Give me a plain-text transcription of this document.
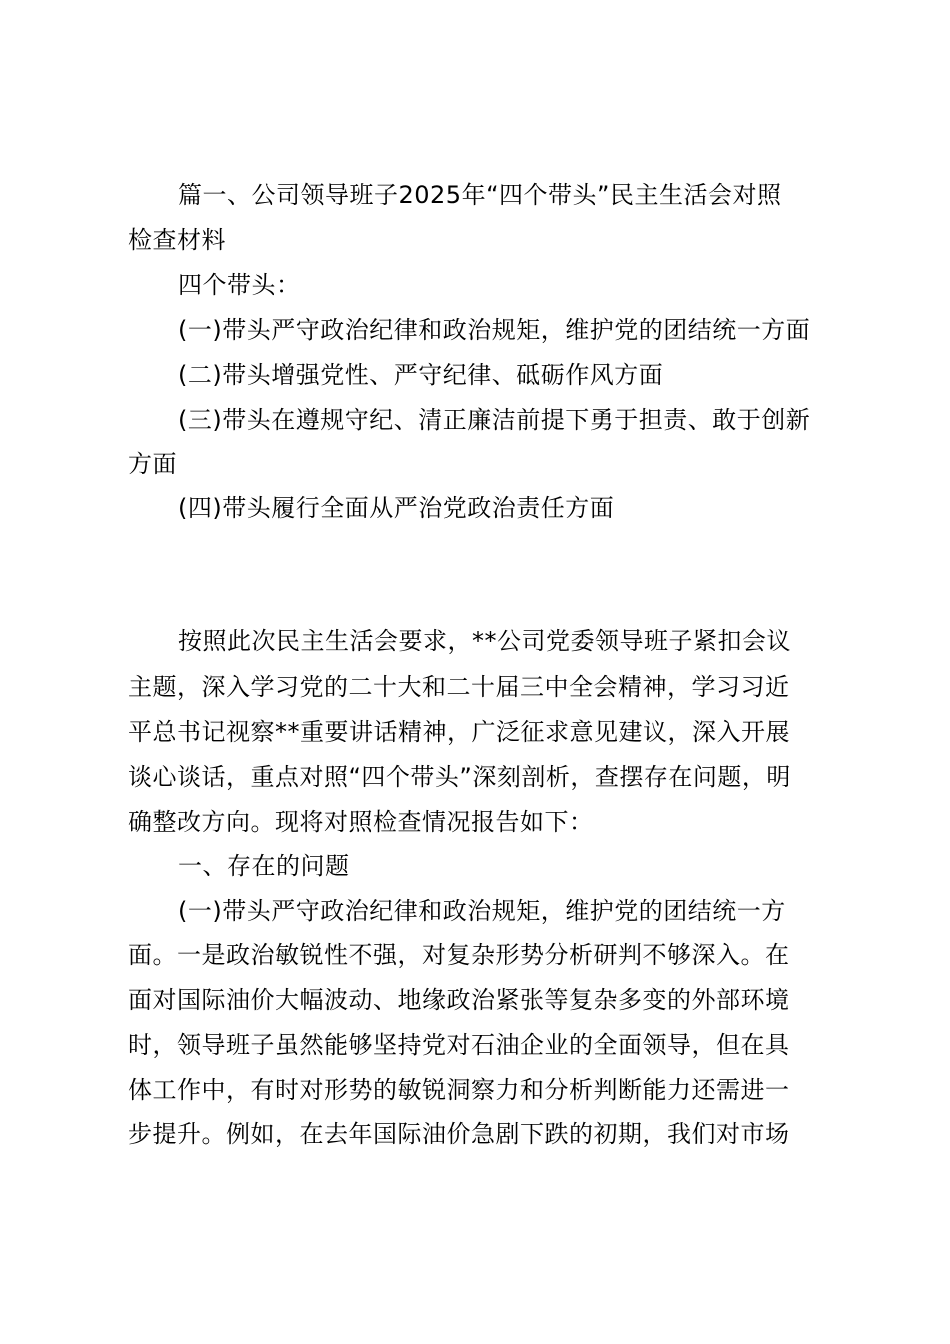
篇一、公司领导班子2025年“四个带头”民主生活会对照
检查材料
四个带头：
(一)带头严守政治纪律和政治规矩，维护党的团结统一方面
(二)带头增强党性、严守纪律、砥砺作风方面
(三)带头在遵规守纪、清正廉洁前提下勇于担责、敢于创新
方面
(四)带头履行全面从严治党政治责任方面
按照此次民主生活会要求，**公司党委领导班子紧扣会议
主题，深入学习党的二十大和二十届三中全会精神，学习习近
平总书记视察**重要讲话精神，广泛征求意见建议，深入开展
谈心谈话，重点对照“四个带头”深刻剖析，查摆存在问题，明
确整改方向。现将对照检查情况报告如下：
一、存在的问题
(一)带头严守政治纪律和政治规矩，维护党的团结统一方
面。一是政治敏锐性不强，对复杂形势分析研判不够深入。在
面对国际油价大幅波动、地缘政治紧张等复杂多变的外部环境
时，领导班子虽然能够坚持党对石油企业的全面领导，但在具
体工作中，有时对形势的敏锐洞察力和分析判断能力还需进一
步提升。例如，在去年国际油价急剧下跌的初期，我们对市场
